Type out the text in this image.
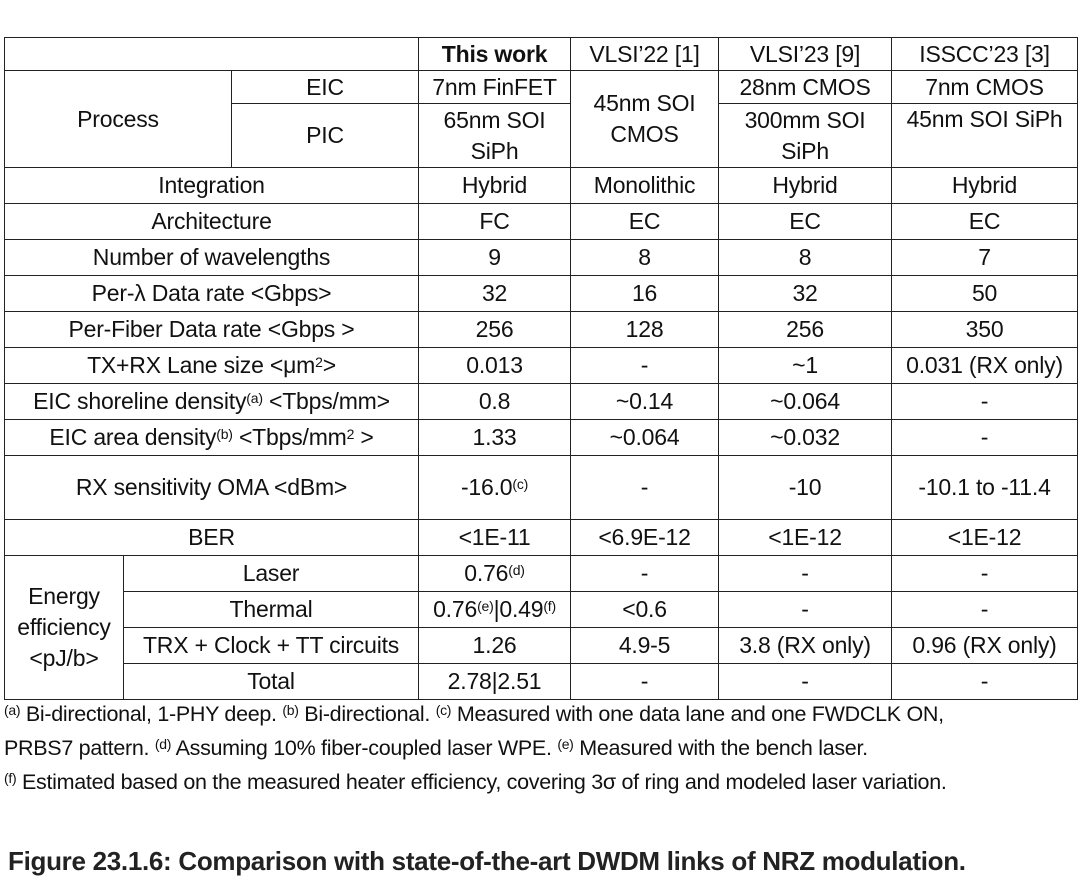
			This work	VLSI’22 [1]	VLSI’23 [9]	ISSCC’23 [3]
Process		EIC	7nm FinFET	45nm SOI CMOS	28nm CMOS	7nm CMOS
		PIC	65nm SOI SiPh		300mm SOI SiPh	45nm SOI SiPh
Integration			Hybrid	Monolithic	Hybrid	Hybrid
Architecture			FC	EC	EC	EC
Number of wavelengths			9	8	8	7
Per-λ Data rate <Gbps>			32	16	32	50
Per-Fiber Data rate <Gbps >			256	128	256	350
TX+RX Lane size $<\mu m^2>$			0.013	-	~1	0.031 (RX only)
EIC shoreline density$^{(a)}$ <Tbps/mm>			0.8	~0.14	~0.064	-
EIC area density$^{(b)}$ $<Tbps/mm^2$ >			1.33	~0.064	~0.032	-
RX sensitivity OMA <dBm>			-16.0$^{(c)}$	-	-10	-10.1 to -11.4
BER			<1E-11	<6.9E-12	<1E-12	<1E-12
Energy efficiency <pJ/b>	Laser		0.76$^{(d)}$	-	-	-
	Thermal		$0.76^{(e)}|0.49^{(f)}$	<0.6	-	-
	TRX + Clock + TT circuits		1.26	4.9-5	3.8 (RX only)	0.96 (RX only)
	Total		2.78|2.51	-	-	-
$^{(a)}$ Bi-directional, 1-PHY deep. $^{(b)}$ Bi-directional. $^{(c)}$ Measured with one data lane and one FWDCLK ON,
PRBS7 pattern. $^{(d)}$ Assuming 10% fiber-coupled laser WPE. $^{(e)}$ Measured with the bench laser.
$^{(f)}$ Estimated based on the measured heater efficiency, covering 3σ of ring and modeled laser variation.
Figure 23.1.6: Comparison with state-of-the-art DWDM links of NRZ modulation.
